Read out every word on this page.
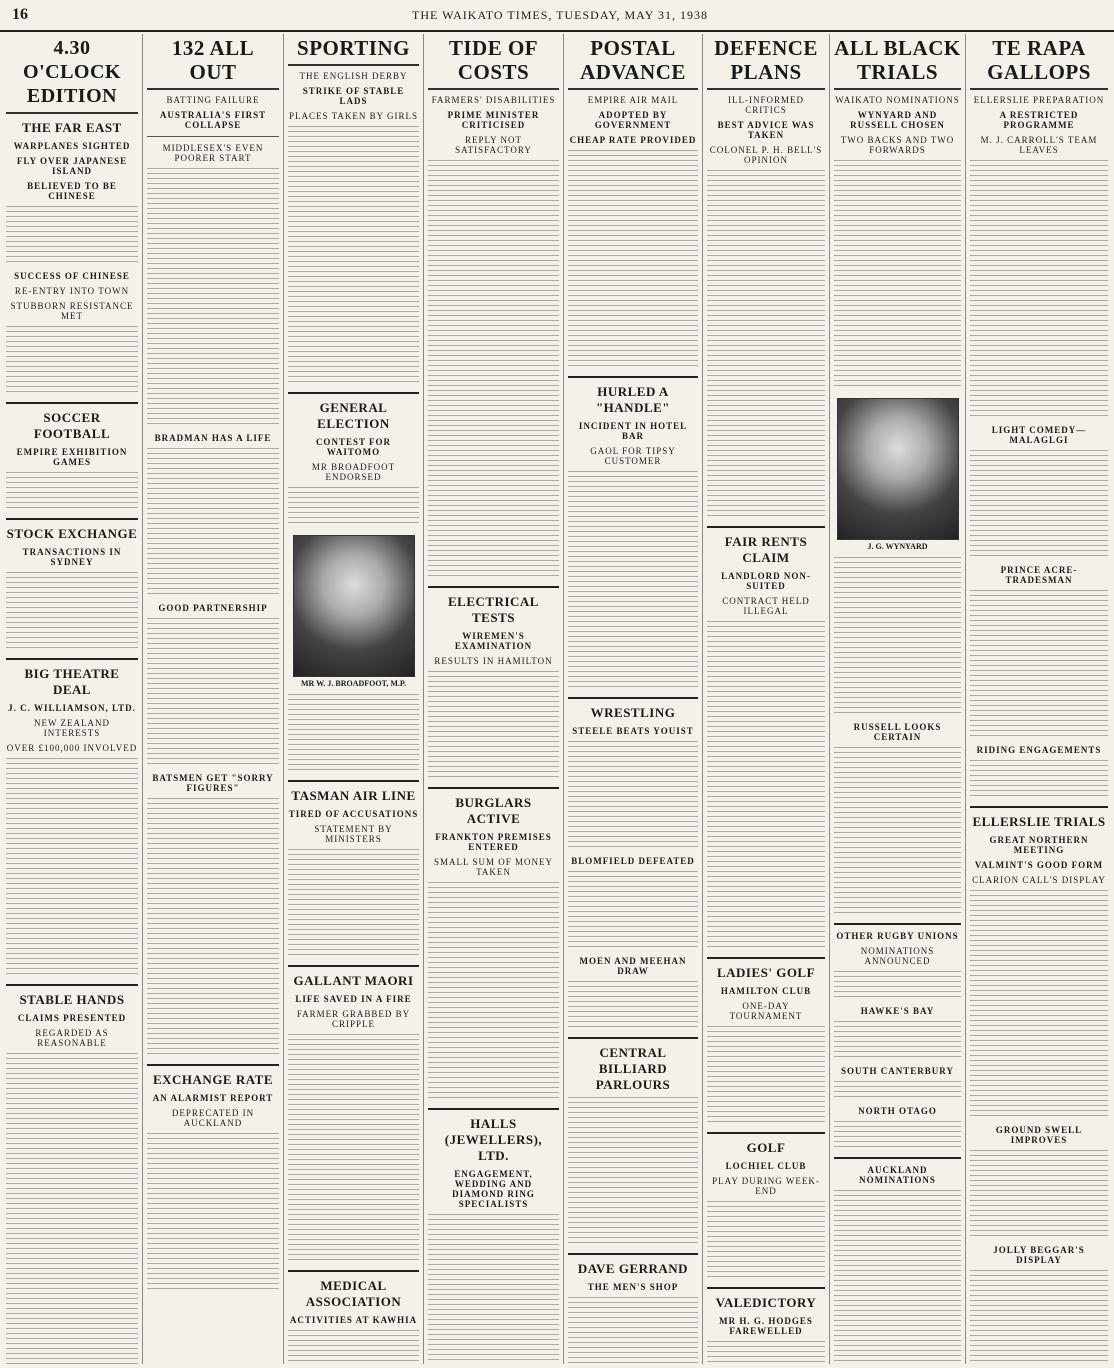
16	THE WAIKATO TIMES, TUESDAY, MAY 31, 1938
4.30 O'CLOCK EDITION
THE FAR EAST
WARPLANES SIGHTED
FLY OVER JAPANESE ISLAND
BELIEVED TO BE CHINESE
SUCCESS OF CHINESE
RE-ENTRY INTO TOWN
STUBBORN RESISTANCE MET
SOCCER FOOTBALL
EMPIRE EXHIBITION GAMES
STOCK EXCHANGE
TRANSACTIONS IN SYDNEY
BIG THEATRE DEAL
J. C. WILLIAMSON, LTD.
NEW ZEALAND INTERESTS
OVER £100,000 INVOLVED
STABLE HANDS
CLAIMS PRESENTED
REGARDED AS REASONABLE
132 ALL OUT
BATTING FAILURE
AUSTRALIA'S FIRST COLLAPSE
MIDDLESEX'S EVEN POORER START
BRADMAN HAS A LIFE
GOOD PARTNERSHIP
BATSMEN GET "SORRY FIGURES"
EXCHANGE RATE
AN ALARMIST REPORT
DEPRECATED IN AUCKLAND
SPORTING
THE ENGLISH DERBY
STRIKE OF STABLE LADS
PLACES TAKEN BY GIRLS
GENERAL ELECTION
CONTEST FOR WAITOMO
MR BROADFOOT ENDORSED
MR W. J. BROADFOOT, M.P.
TASMAN AIR LINE
TIRED OF ACCUSATIONS
STATEMENT BY MINISTERS
GALLANT MAORI
LIFE SAVED IN A FIRE
FARMER GRABBED BY CRIPPLE
MEDICAL ASSOCIATION
ACTIVITIES AT KAWHIA
TIDE OF COSTS
FARMERS' DISABILITIES
PRIME MINISTER CRITICISED
REPLY NOT SATISFACTORY
ELECTRICAL TESTS
WIREMEN'S EXAMINATION
RESULTS IN HAMILTON
BURGLARS ACTIVE
FRANKTON PREMISES ENTERED
SMALL SUM OF MONEY TAKEN
HALLS (JEWELLERS), LTD.
ENGAGEMENT, WEDDING AND DIAMOND RING SPECIALISTS
POSTAL ADVANCE
EMPIRE AIR MAIL
ADOPTED BY GOVERNMENT
CHEAP RATE PROVIDED
HURLED A "HANDLE"
INCIDENT IN HOTEL BAR
GAOL FOR TIPSY CUSTOMER
WRESTLING
STEELE BEATS YOUIST
BLOMFIELD DEFEATED
MOEN AND MEEHAN DRAW
CENTRAL BILLIARD PARLOURS
DAVE GERRAND
THE MEN'S SHOP
DEFENCE PLANS
ILL-INFORMED CRITICS
BEST ADVICE WAS TAKEN
COLONEL P. H. BELL'S OPINION
FAIR RENTS CLAIM
LANDLORD NON-SUITED
CONTRACT HELD ILLEGAL
LADIES' GOLF
HAMILTON CLUB
ONE-DAY TOURNAMENT
GOLF
LOCHIEL CLUB
PLAY DURING WEEK-END
VALEDICTORY
MR H. G. HODGES FAREWELLED
ALL BLACK TRIALS
WAIKATO NOMINATIONS
WYNYARD AND RUSSELL CHOSEN
TWO BACKS AND TWO FORWARDS
J. G. WYNYARD
RUSSELL LOOKS CERTAIN
OTHER RUGBY UNIONS
NOMINATIONS ANNOUNCED
HAWKE'S BAY
SOUTH CANTERBURY
NORTH OTAGO
AUCKLAND NOMINATIONS
TE RAPA GALLOPS
ELLERSLIE PREPARATION
A RESTRICTED PROGRAMME
M. J. CARROLL'S TEAM LEAVES
LIGHT COMEDY—MALAGLGI
PRINCE ACRE-TRADESMAN
RIDING ENGAGEMENTS
ELLERSLIE TRIALS
GREAT NORTHERN MEETING
VALMINT'S GOOD FORM
CLARION CALL'S DISPLAY
GROUND SWELL IMPROVES
JOLLY BEGGAR'S DISPLAY
